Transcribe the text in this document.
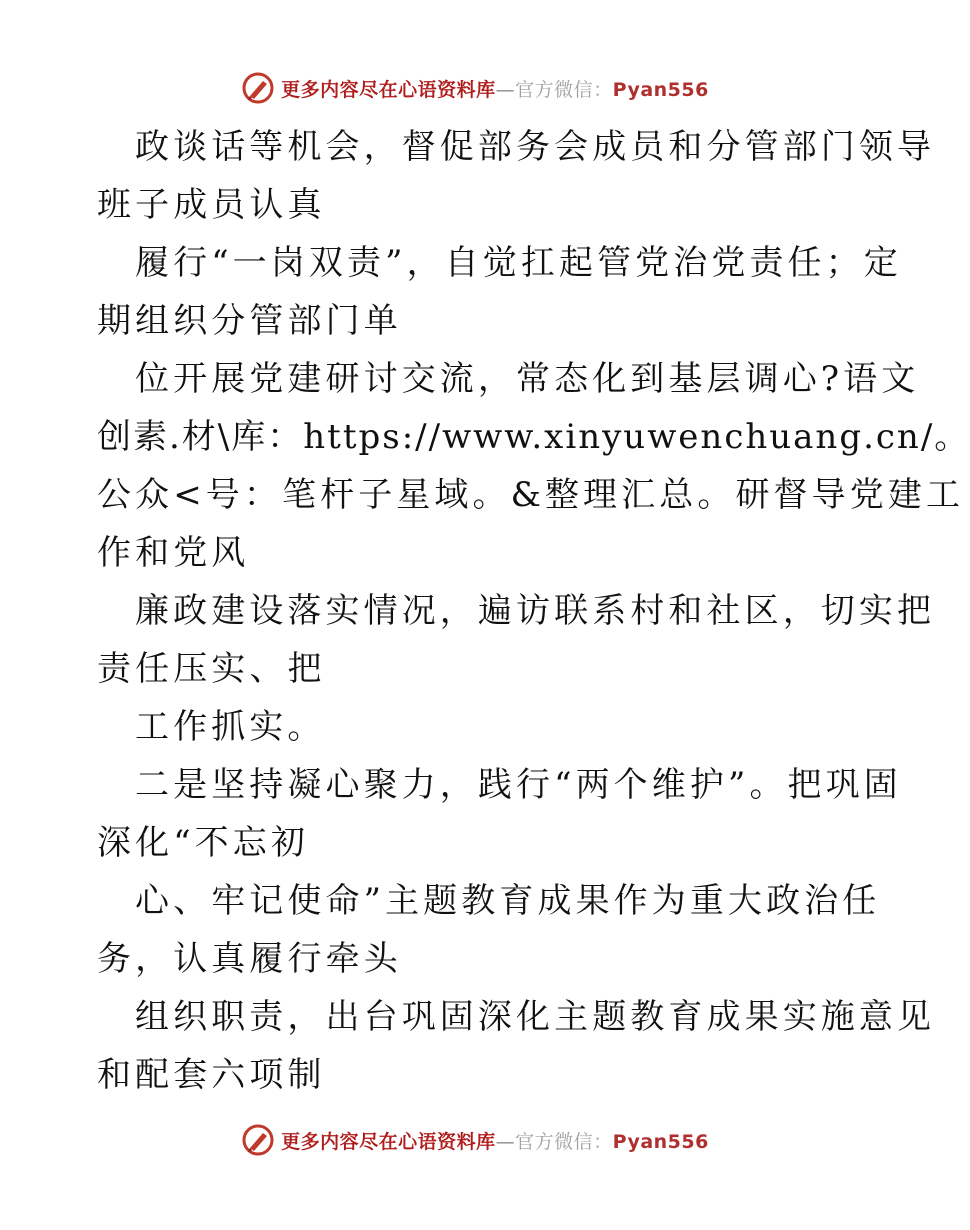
更多内容尽在心语资料库—官方微信：Pyan556
政谈话等机会，督促部务会成员和分管部门领导
班子成员认真
履行“一岗双责”，自觉扛起管党治党责任；定
期组织分管部门单
位开展党建研讨交流，常态化到基层调心?语文
创素.材\库：https://www.xinyuwenchuang.cn/。
公众<号：笔杆子星域。&整理汇总。研督导党建工
作和党风
廉政建设落实情况，遍访联系村和社区，切实把
责任压实、把
工作抓实。
二是坚持凝心聚力，践行“两个维护”。把巩固
深化“不忘初
心、牢记使命”主题教育成果作为重大政治任
务，认真履行牵头
组织职责，出台巩固深化主题教育成果实施意见
和配套六项制
更多内容尽在心语资料库—官方微信：Pyan556
